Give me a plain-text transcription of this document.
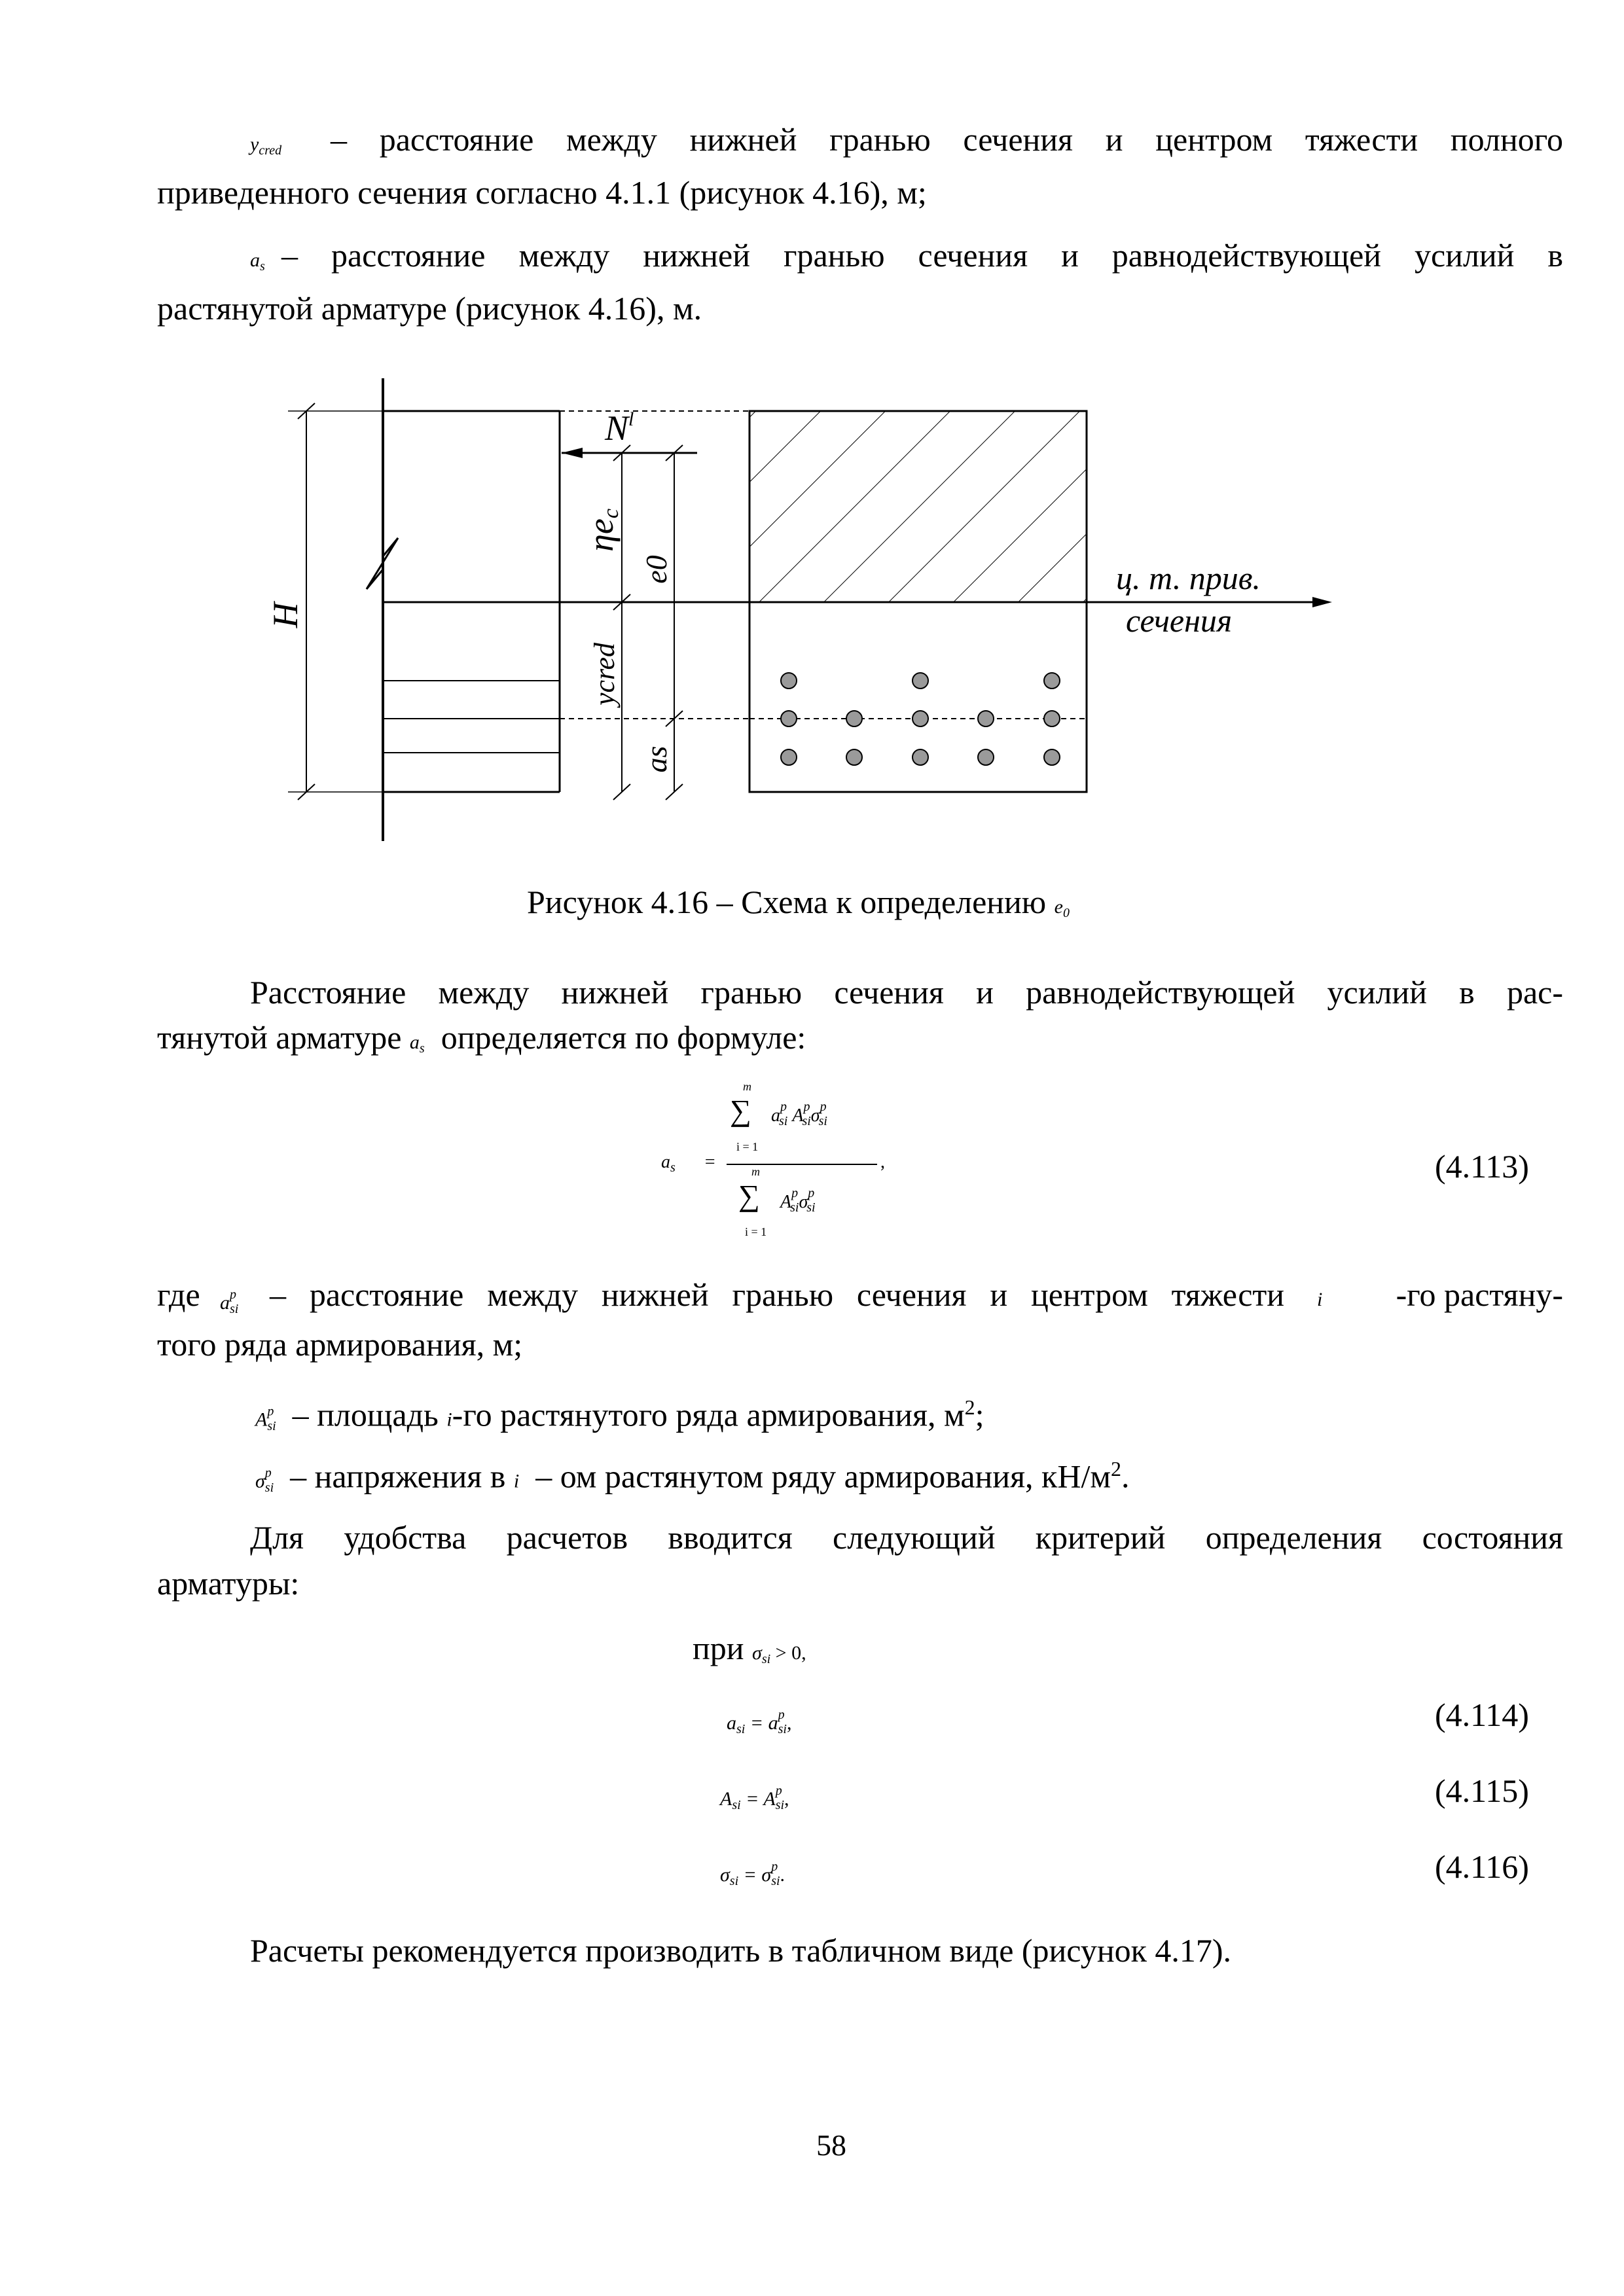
$y_{cred}$ – расстояние между нижней гранью сечения и центром тяжести полного
приведенного сечения согласно 4.1.1 (рисунок 4.16), м;
$a_s$ – расстояние между нижней гранью сечения и равнодействующей усилий в
растянутой арматуре (рисунок 4.16), м.
H
$N^l$
ηec
e0
ycred
as
ц. т. прив.
сечения
Рисунок 4.16 – Схема к определению $e_0$
Расстояние между нижней гранью сечения и равнодействующей усилий в рас-
тянутой арматуре $a_s$ определяется по формуле:
$a_s$ =
m
∑
i = 1
$a^p_{si}$ $A^p_{si}\sigma^p_{si}$
,
m
∑
i = 1
$A^p_{si}\sigma^p_{si}$
(4.113)
где $a^p_{si}$ – расстояние между нижней гранью сечения и центром тяжести i	-го растяну-
того ряда армирования, м;
$A^p_{si}$ – площадь i-го растянутого ряда армирования, $м^2$;
$\sigma^p_{si}$ – напряжения в i – ом растянутом ряду армирования, $кН/м^2$.
Для удобства расчетов вводится следующий критерий определения состояния
арматуры:
при $\sigma_{si} > 0$,
$a_{si} = a^p_{si}$,	(4.114)
$A_{si} = A^p_{si}$,	(4.115)
$\sigma_{si} = \sigma^p_{si}$.	(4.116)
Расчеты рекомендуется производить в табличном виде (рисунок 4.17).
58
